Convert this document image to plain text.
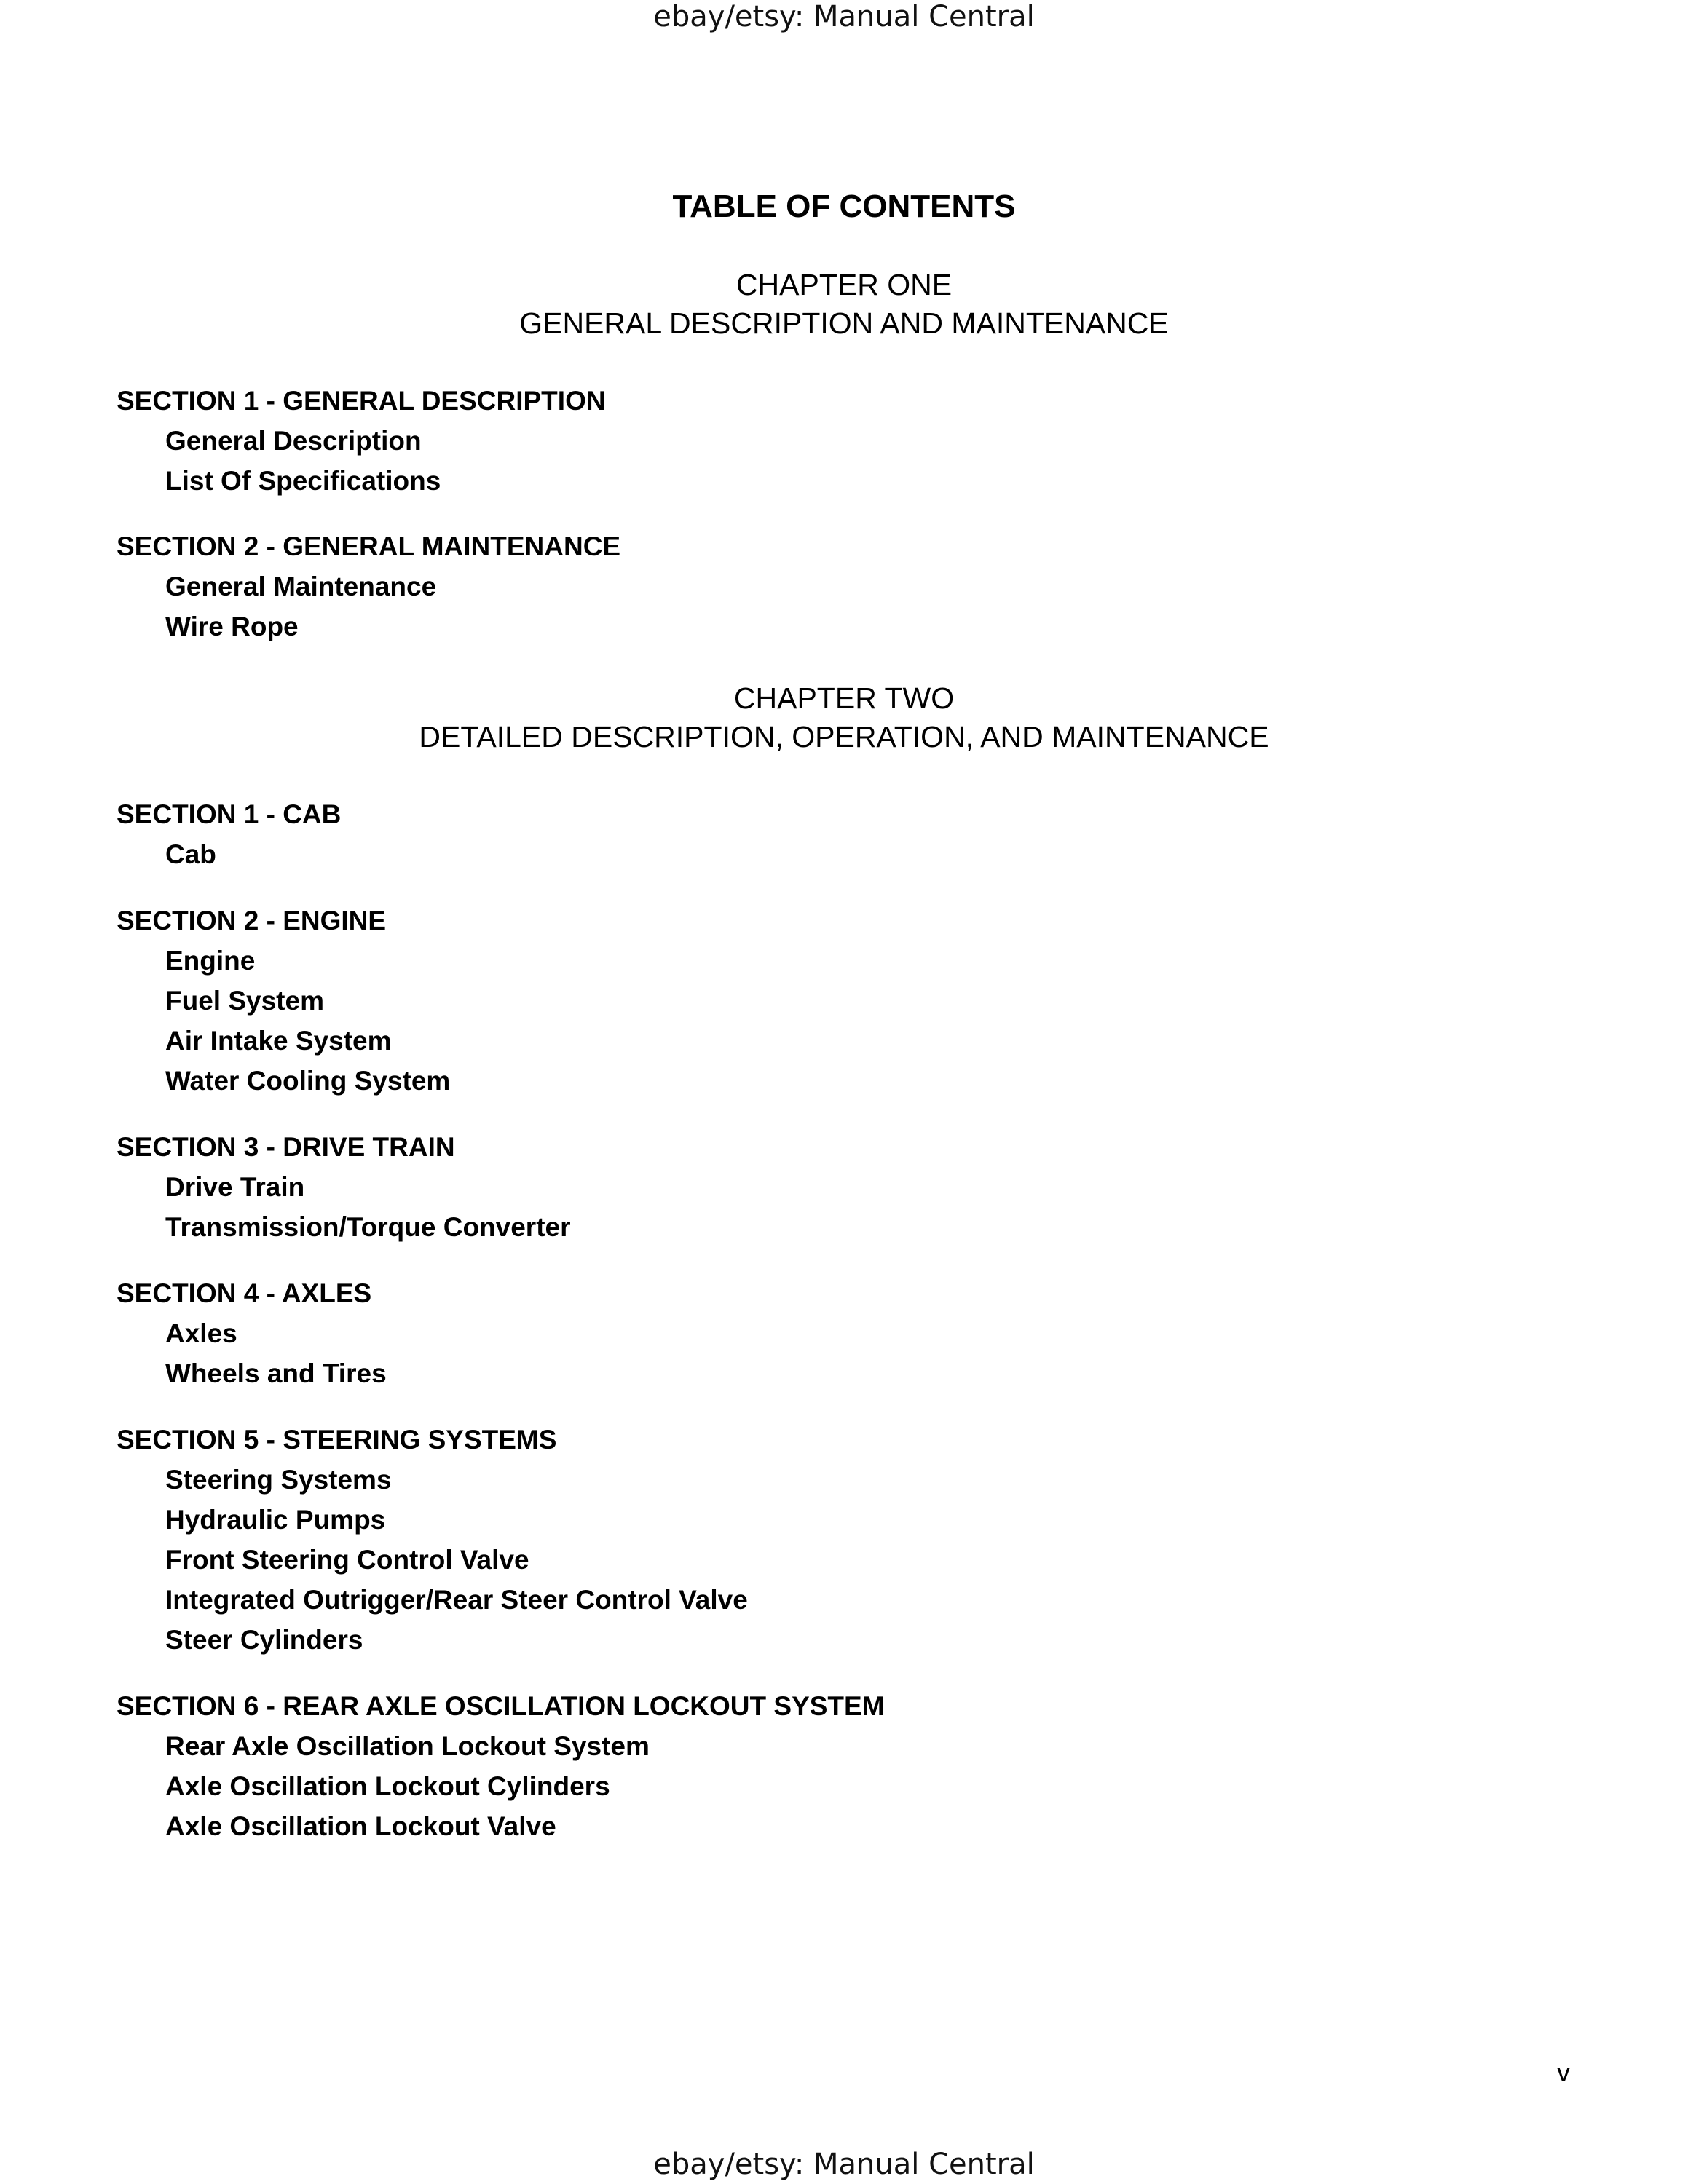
ebay/etsy: Manual Central
TABLE OF CONTENTS
CHAPTER ONE
GENERAL DESCRIPTION AND MAINTENANCE
SECTION 1 - GENERAL DESCRIPTION
General Description
List Of Specifications
SECTION 2 - GENERAL MAINTENANCE
General Maintenance
Wire Rope
CHAPTER TWO
DETAILED DESCRIPTION, OPERATION, AND MAINTENANCE
SECTION 1 - CAB
Cab
SECTION 2 - ENGINE
Engine
Fuel System
Air Intake System
Water Cooling System
SECTION 3 - DRIVE TRAIN
Drive Train
Transmission/Torque Converter
SECTION 4 - AXLES
Axles
Wheels and Tires
SECTION 5 - STEERING SYSTEMS
Steering Systems
Hydraulic Pumps
Front Steering Control Valve
Integrated Outrigger/Rear Steer Control Valve
Steer Cylinders
SECTION 6 - REAR AXLE OSCILLATION LOCKOUT SYSTEM
Rear Axle Oscillation Lockout System
Axle Oscillation Lockout Cylinders
Axle Oscillation Lockout Valve
v
ebay/etsy: Manual Central
